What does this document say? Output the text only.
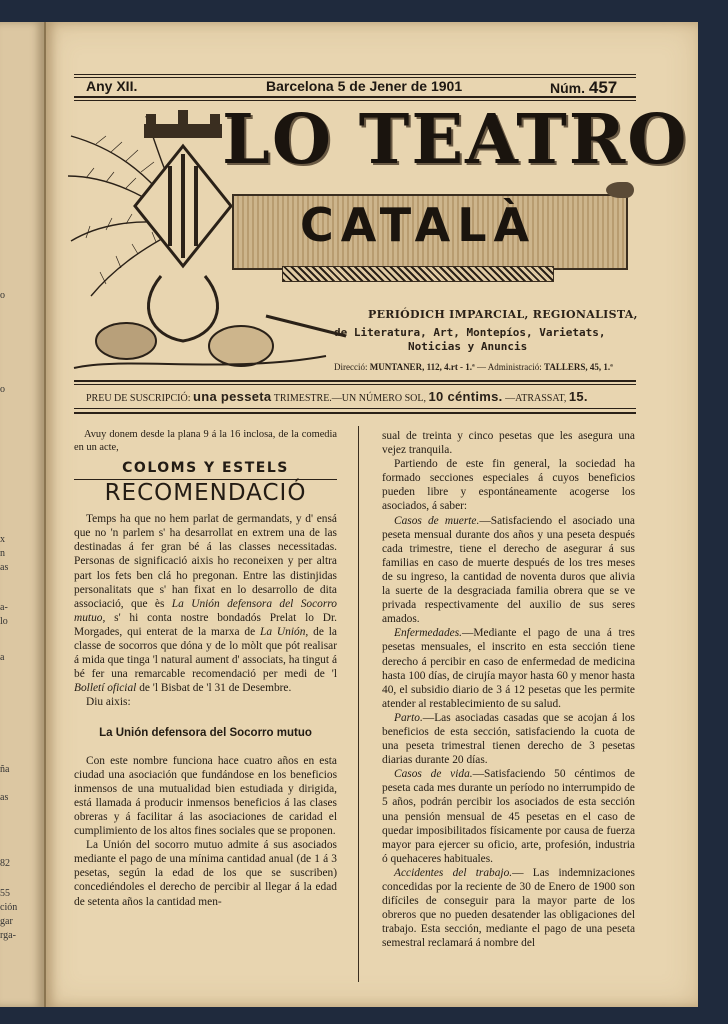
o
o
x
n
as
a-
lo
a
ña
as
82
55
ción
gar
rga-
Any XII.	Barcelona 5 de Jener de 1901	Núm. 457
LO TEATRO
CATALÀ
PERIÓDICH IMPARCIAL, REGIONALISTA,
de Literatura, Art, Montepíos, Varietats,
Noticias y Anuncis
Direcció: MUNTANER, 112, 4.rt - 1.ª — Administració: TALLERS, 45, 1.ª
PREU DE SUSCRIPCIÓ: una pesseta TRIMESTRE.—UN NÚMERO SOL, 10 céntims. —ATRASSAT, 15.

Avuy donem desde la plana 9 á la 16 inclosa, de la comedia en un acte,

COLOMS Y ESTELS
RECOMENDACIÓ

Temps ha que no hem parlat de germandats, y d' ensá que no 'n parlem s' ha desarrollat en extrem una de las destinadas á fer gran bé á las classes necessitadas. Personas de significació aixis ho reconeixen y per altra part los fets ben clá ho pregonan. Entre las distinjidas personalitats que s' han fixat en lo desarrollo de dita associació, que ès La Unión defensora del Socorro mutuo, s' hi conta nostre bondadós Prelat lo Dr. Morgades, qui enterat de la marxa de La Unión, de la classe de socorros que dóna y de lo mòlt que pót realisar á mida que tinga 'l natural aument d' associats, ha tingut á bé fer una remarcable recomendació per medi de 'l Bolletí oficial de 'l Bisbat de 'l 31 de Desembre.

Diu aixis:

La Unión defensora del Socorro mutuo

Con este nombre funciona hace cuatro años en esta ciudad una asociación que fundándose en los beneficios inmensos de una mutualidad bien estudiada y dirigida, está llamada á producir inmensos beneficios á las clases obreras y á facilitar á las asociaciones de caridad el cumplimiento de los altos fines sociales que se proponen.

La Unión del socorro mutuo admite á sus asociados mediante el pago de una mínima cantidad anual (de 1 á 3 pesetas, según la edad de los que se suscriben) concediéndoles el derecho de percibir al llegar á la edad de setenta años la cantidad men-

sual de treinta y cinco pesetas que les asegura una vejez tranquila.

Partiendo de este fin general, la sociedad ha formado secciones especiales á cuyos beneficios pueden libre y espontáneamente acogerse los asociados, á saber:

Casos de muerte.—Satisfaciendo el asociado una peseta mensual durante dos años y una peseta después cada trimestre, tiene el derecho de asegurar á sus familias en caso de muerte después de los tres meses de su ingreso, la cantidad de noventa duros que alivia la suerte de la desgraciada familia obrera que se ve privada respectivamente del auxilio de sus seres amados.

Enfermedades.—Mediante el pago de una á tres pesetas mensuales, el inscrito en esta sección tiene derecho á percibir en caso de enfermedad de medicina hasta 100 días, de cirujía mayor hasta 60 y menor hasta 40, el subsidio diario de 3 á 12 pesetas que les permite atender al restablecimiento de su salud.

Parto.—Las asociadas casadas que se acojan á los beneficios de esta sección, satisfaciendo la cuota de una peseta trimestral tienen derecho de 3 pesetas diarias durante 20 días.

Casos de vida.—Satisfaciendo 50 céntimos de peseta cada mes durante un período no interrumpido de 5 años, podrán percibir los asociados de esta sección una pensión mensual de 45 pesetas en el caso de quedar imposibilitados físicamente por causa de fuerza mayor para ejercer su oficio, arte, profesión, industria ó quehaceres habituales.

Accidentes del trabajo.— Las indemnizaciones concedidas por la reciente de 30 de Enero de 1900 son difíciles de conseguir para la mayor parte de los obreros que no pueden desatender las obligaciones del trabajo. Esta sección, mediante el pago de una peseta semestral reclamará á nombre del
